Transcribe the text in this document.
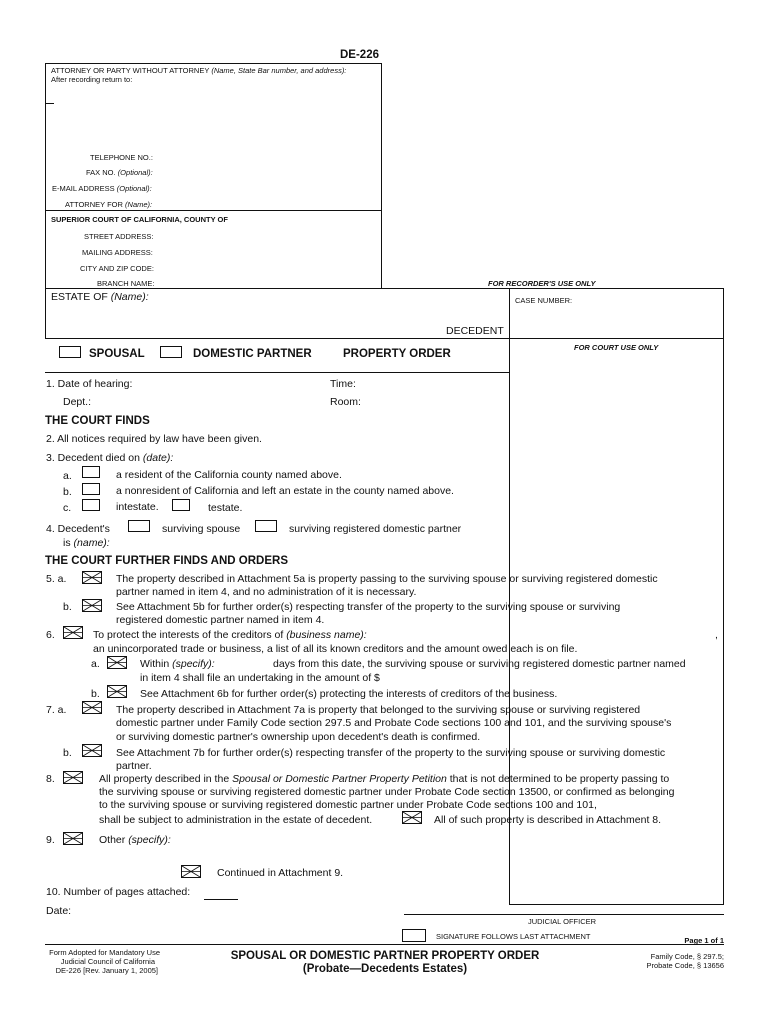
DE-226
ATTORNEY OR PARTY WITHOUT ATTORNEY (Name, State Bar number, and address):
After recording return to:
TELEPHONE NO.:
FAX NO. (Optional):
E-MAIL ADDRESS (Optional):
ATTORNEY FOR (Name):
SUPERIOR COURT OF CALIFORNIA, COUNTY OF
STREET ADDRESS:
MAILING ADDRESS:
CITY AND ZIP CODE:
BRANCH NAME:	FOR RECORDER'S USE ONLY
ESTATE OF (Name):
DECEDENT
CASE NUMBER:
FOR COURT USE ONLY
SPOUSAL	DOMESTIC PARTNER	PROPERTY ORDER
1. Date of hearing:	Time:
Dept.:	Room:
THE COURT FINDS
2. All notices required by law have been given.
3. Decedent died on (date):
a.	a resident of the California county named above.
b.	a nonresident of California and left an estate in the county named above.
c.	intestate.	testate.
4. Decedent's	surviving spouse	surviving registered domestic partner
is (name):
THE COURT FURTHER FINDS AND ORDERS
5. a.	The property described in Attachment 5a is property passing to the surviving spouse or surviving registered domestic
partner named in item 4, and no administration of it is necessary.
b.	See Attachment 5b for further order(s) respecting transfer of the property to the surviving spouse or surviving
registered domestic partner named in item 4.
6.	To protect the interests of the creditors of (business name):	,
an unincorporated trade or business, a list of all its known creditors and the amount owed each is on file.
a.	Within (specify):	days from this date, the surviving spouse or surviving registered domestic partner named
in item 4 shall file an undertaking in the amount of $
b.	See Attachment 6b for further order(s) protecting the interests of creditors of the business.
7. a.	The property described in Attachment 7a is property that belonged to the surviving spouse or surviving registered
domestic partner under Family Code section 297.5 and Probate Code sections 100 and 101, and the surviving spouse's
or surviving domestic partner's ownership upon decedent's death is confirmed.
b.	See Attachment 7b for further order(s) respecting transfer of the property to the surviving spouse or surviving domestic
partner.
8.	All property described in the Spousal or Domestic Partner Property Petition that is not determined to be property passing to
the surviving spouse or surviving registered domestic partner under Probate Code section 13500, or confirmed as belonging
to the surviving spouse or surviving registered domestic partner under Probate Code sections 100 and 101,
shall be subject to administration in the estate of decedent.	All of such property is described in Attachment 8.
9.	Other (specify):
Continued in Attachment 9.
10. Number of pages attached:
Date:
JUDICIAL OFFICER
SIGNATURE FOLLOWS LAST ATTACHMENT
Form Adopted for Mandatory Use
Judicial Council of California
DE-226 [Rev. January 1, 2005]
SPOUSAL OR DOMESTIC PARTNER PROPERTY ORDER
(Probate—Decedents Estates)
Page 1 of 1
Family Code, § 297.5;
Probate Code, § 13656
